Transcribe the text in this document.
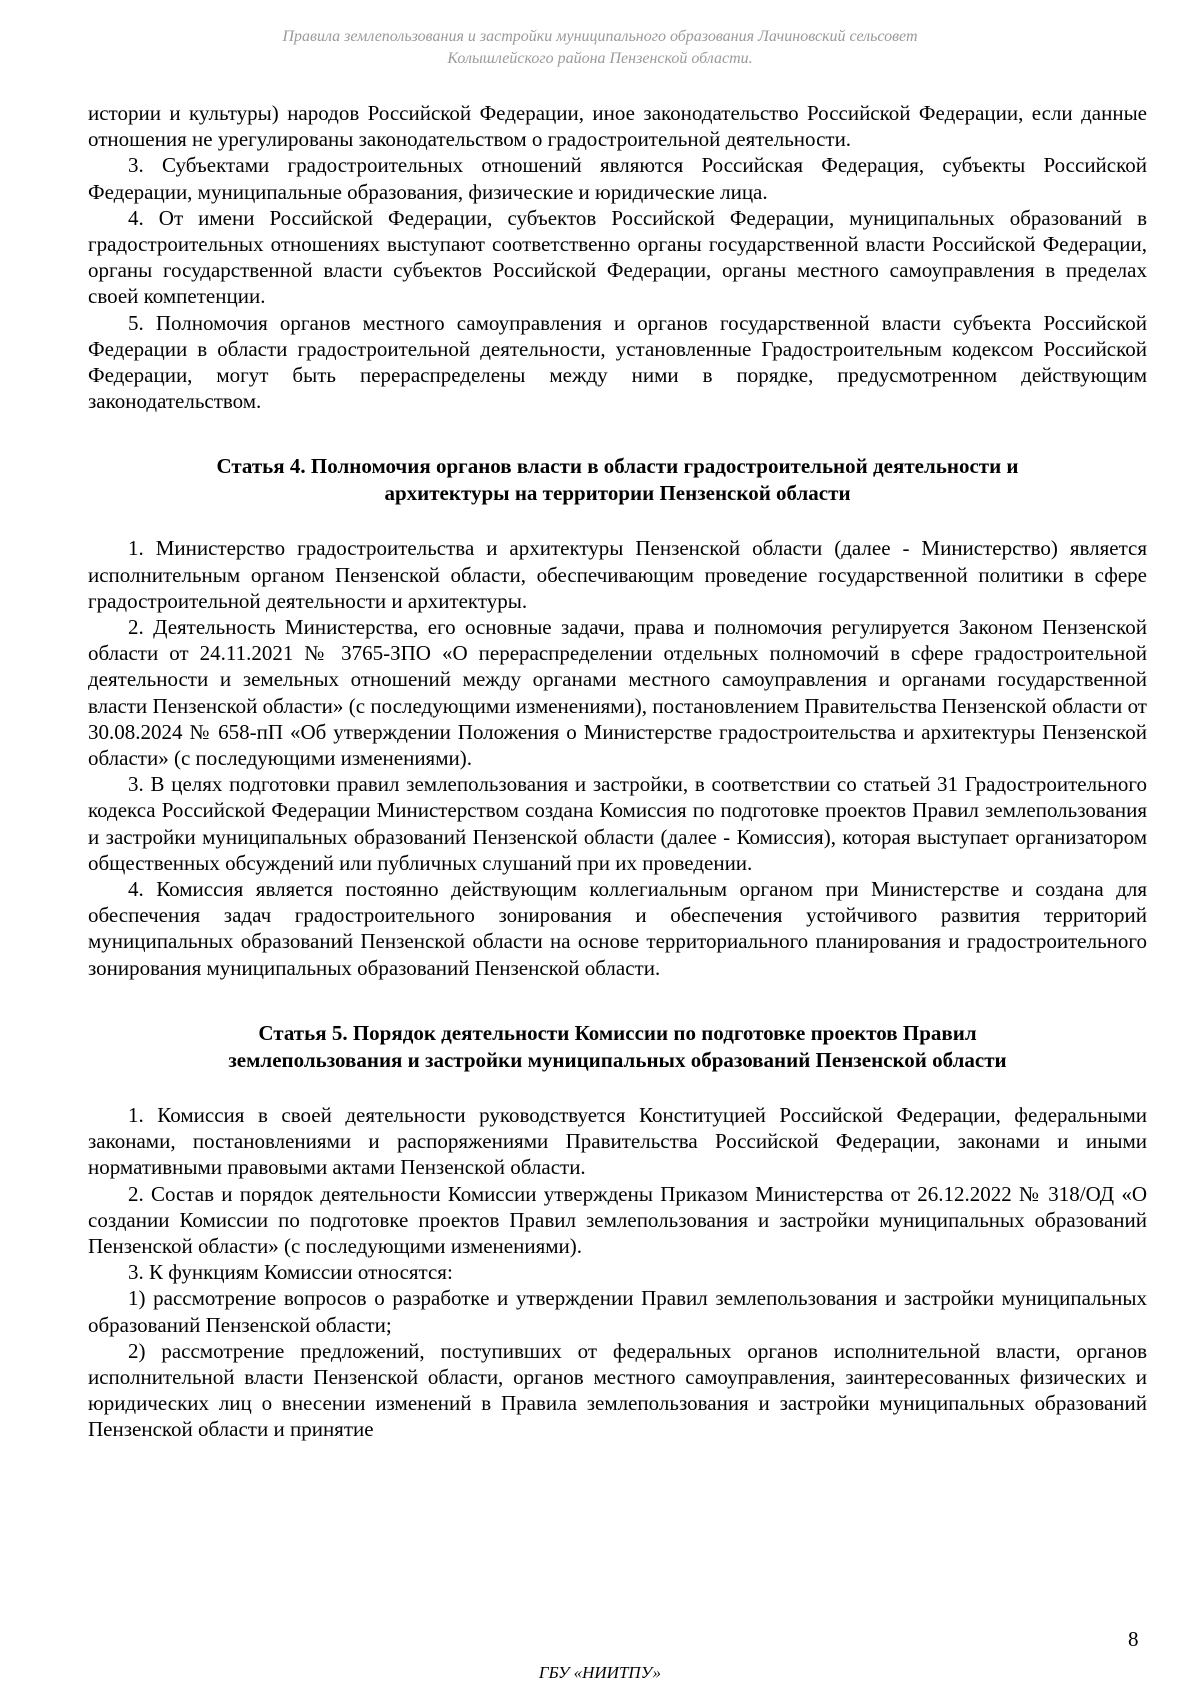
Правила землепользования и застройки муниципального образования Лачиновский сельсовет
Колышлейского района Пензенской области.

истории и культуры) народов Российской Федерации, иное законодательство Российской Федерации, если данные отношения не урегулированы законодательством о градостроительной деятельности.

3. Субъектами градостроительных отношений являются Российская Федерация, субъекты Российской Федерации, муниципальные образования, физические и юридические лица.

4. От имени Российской Федерации, субъектов Российской Федерации, муниципальных образований в градостроительных отношениях выступают соответственно органы государственной власти Российской Федерации, органы государственной власти субъектов Российской Федерации, органы местного самоуправления в пределах своей компетенции.

5. Полномочия органов местного самоуправления и органов государственной власти субъекта Российской Федерации в области градостроительной деятельности, установленные Градостроительным кодексом Российской Федерации, могут быть перераспределены между ними в порядке, предусмотренном действующим законодательством.

Статья 4. Полномочия органов власти в области градостроительной деятельности и
архитектуры на территории Пензенской области

1. Министерство градостроительства и архитектуры Пензенской области (далее - Министерство) является исполнительным органом Пензенской области, обеспечивающим проведение государственной политики в сфере градостроительной деятельности и архитектуры.

2. Деятельность Министерства, его основные задачи, права и полномочия регулируется Законом Пензенской области от 24.11.2021 № 3765-ЗПО «О перераспределении отдельных полномочий в сфере градостроительной деятельности и земельных отношений между органами местного самоуправления и органами государственной власти Пензенской области» (с последующими изменениями), постановлением Правительства Пензенской области от 30.08.2024 № 658-пП «Об утверждении Положения о Министерстве градостроительства и архитектуры Пензенской области» (с последующими изменениями).

3. В целях подготовки правил землепользования и застройки, в соответствии со статьей 31 Градостроительного кодекса Российской Федерации Министерством создана Комиссия по подготовке проектов Правил землепользования и застройки муниципальных образований Пензенской области (далее - Комиссия), которая выступает организатором общественных обсуждений или публичных слушаний при их проведении.

4. Комиссия является постоянно действующим коллегиальным органом при Министерстве и создана для обеспечения задач градостроительного зонирования и обеспечения устойчивого развития территорий муниципальных образований Пензенской области на основе территориального планирования и градостроительного зонирования муниципальных образований Пензенской области.

Статья 5. Порядок деятельности Комиссии по подготовке проектов Правил
землепользования и застройки муниципальных образований Пензенской области

1. Комиссия в своей деятельности руководствуется Конституцией Российской Федерации, федеральными законами, постановлениями и распоряжениями Правительства Российской Федерации, законами и иными нормативными правовыми актами Пензенской области.

2. Состав и порядок деятельности Комиссии утверждены Приказом Министерства от 26.12.2022 № 318/ОД «О создании Комиссии по подготовке проектов Правил землепользования и застройки муниципальных образований Пензенской области» (с последующими изменениями).

3. К функциям Комиссии относятся:

1) рассмотрение вопросов о разработке и утверждении Правил землепользования и застройки муниципальных образований Пензенской области;

2) рассмотрение предложений, поступивших от федеральных органов исполнительной власти, органов исполнительной власти Пензенской области, органов местного самоуправления, заинтересованных физических и юридических лиц о внесении изменений в Правила землепользования и застройки муниципальных образований Пензенской области и принятие

8
ГБУ «НИИТПУ»
